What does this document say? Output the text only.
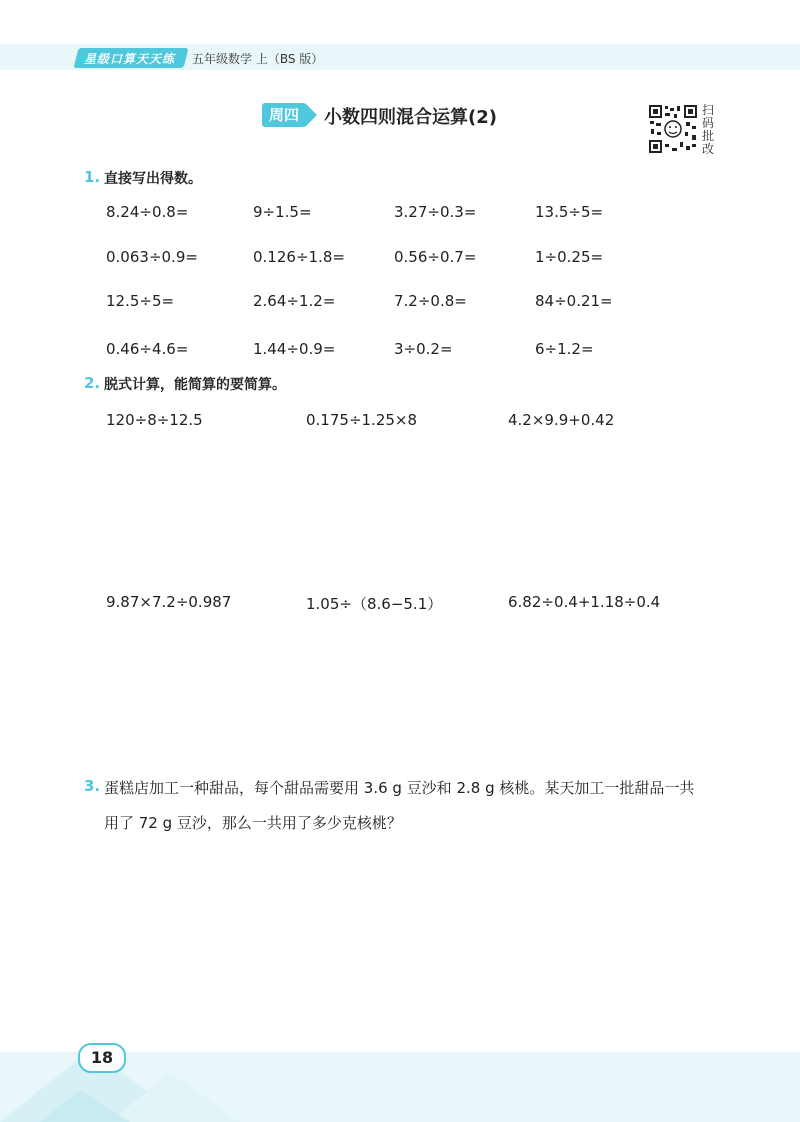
星级口算天天练 五年级数学 上（BS 版）
周四	小数四则混合运算(2)	扫码批改
1. 直接写出得数。
8.24÷0.8=	9÷1.5=	3.27÷0.3=	13.5÷5=
0.063÷0.9=	0.126÷1.8=	0.56÷0.7=	1÷0.25=
12.5÷5=	2.64÷1.2=	7.2÷0.8=	84÷0.21=
0.46÷4.6=	1.44÷0.9=	3÷0.2=	6÷1.2=
2. 脱式计算，能简算的要简算。
120÷8÷12.5	0.175÷1.25×8	4.2×9.9+0.42
9.87×7.2÷0.987	1.05÷（8.6−5.1）	6.82÷0.4+1.18÷0.4
3. 蛋糕店加工一种甜品，每个甜品需要用 3.6 g 豆沙和 2.8 g 核桃。某天加工一批甜品一共
用了 72 g 豆沙，那么一共用了多少克核桃？
18
